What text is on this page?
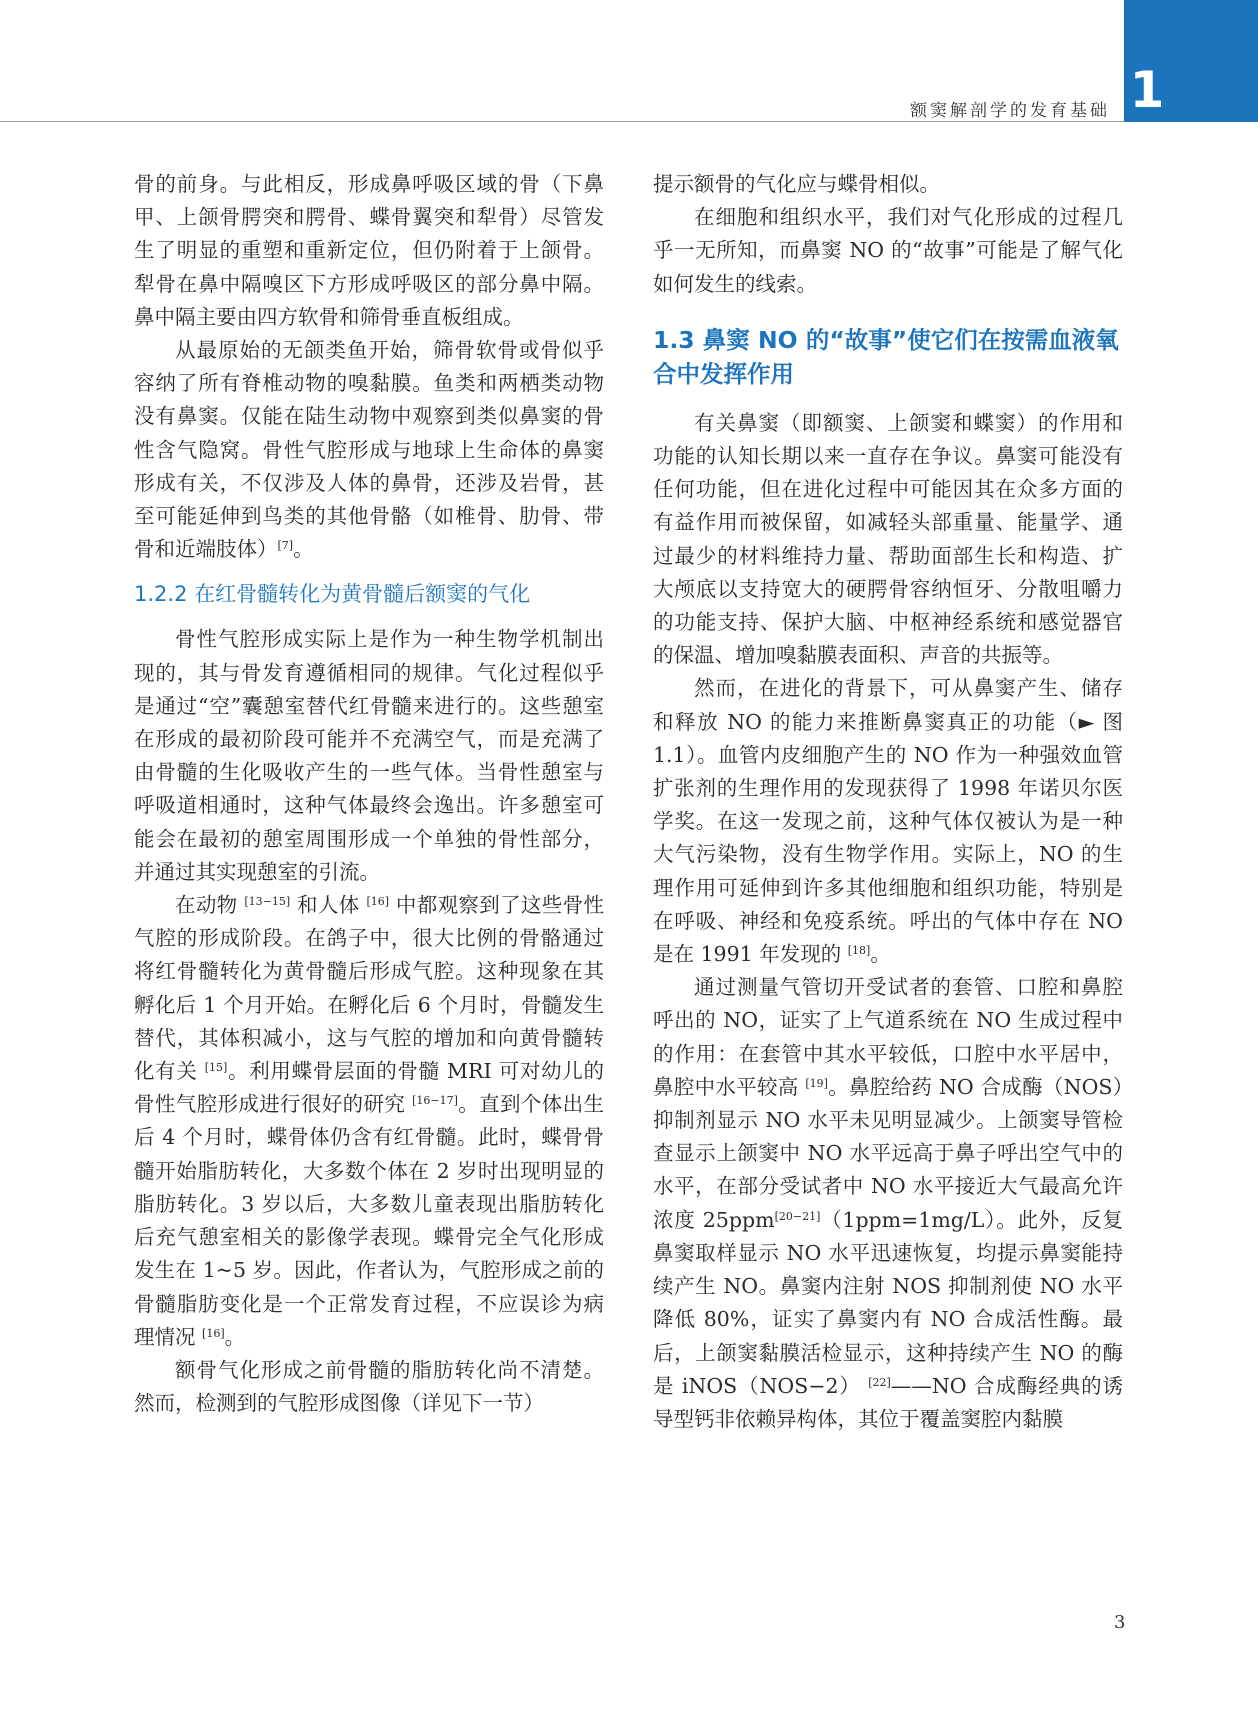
额窦解剖学的发育基础 1

骨的前身。与此相反，形成鼻呼吸区域的骨（下鼻甲、上颌骨腭突和腭骨、蝶骨翼突和犁骨）尽管发生了明显的重塑和重新定位，但仍附着于上颌骨。犁骨在鼻中隔嗅区下方形成呼吸区的部分鼻中隔。鼻中隔主要由四方软骨和筛骨垂直板组成。

从最原始的无颌类鱼开始，筛骨软骨或骨似乎容纳了所有脊椎动物的嗅黏膜。鱼类和两栖类动物没有鼻窦。仅能在陆生动物中观察到类似鼻窦的骨性含气隐窝。骨性气腔形成与地球上生命体的鼻窦形成有关，不仅涉及人体的鼻骨，还涉及岩骨，甚至可能延伸到鸟类的其他骨骼（如椎骨、肋骨、带骨和近端肢体）[7]。

1.2.2 在红骨髓转化为黄骨髓后额窦的气化

骨性气腔形成实际上是作为一种生物学机制出现的，其与骨发育遵循相同的规律。气化过程似乎是通过“空”囊憩室替代红骨髓来进行的。这些憩室在形成的最初阶段可能并不充满空气，而是充满了由骨髓的生化吸收产生的一些气体。当骨性憩室与呼吸道相通时，这种气体最终会逸出。许多憩室可能会在最初的憩室周围形成一个单独的骨性部分，并通过其实现憩室的引流。

在动物 [13−15] 和人体 [16] 中都观察到了这些骨性气腔的形成阶段。在鸽子中，很大比例的骨骼通过将红骨髓转化为黄骨髓后形成气腔。这种现象在其孵化后 1 个月开始。在孵化后 6 个月时，骨髓发生替代，其体积减小，这与气腔的增加和向黄骨髓转化有关 [15]。利用蝶骨层面的骨髓 MRI 可对幼儿的骨性气腔形成进行很好的研究 [16−17]。直到个体出生后 4 个月时，蝶骨体仍含有红骨髓。此时，蝶骨骨髓开始脂肪转化，大多数个体在 2 岁时出现明显的脂肪转化。3 岁以后，大多数儿童表现出脂肪转化后充气憩室相关的影像学表现。蝶骨完全气化形成发生在 1~5 岁。因此，作者认为，气腔形成之前的骨髓脂肪变化是一个正常发育过程，不应误诊为病理情况 [16]。

额骨气化形成之前骨髓的脂肪转化尚不清楚。然而，检测到的气腔形成图像（详见下一节）

提示额骨的气化应与蝶骨相似。

在细胞和组织水平，我们对气化形成的过程几乎一无所知，而鼻窦 NO 的“故事”可能是了解气化如何发生的线索。

1.3 鼻窦 NO 的“故事”使它们在按需血液氧合中发挥作用

有关鼻窦（即额窦、上颌窦和蝶窦）的作用和功能的认知长期以来一直存在争议。鼻窦可能没有任何功能，但在进化过程中可能因其在众多方面的有益作用而被保留，如减轻头部重量、能量学、通过最少的材料维持力量、帮助面部生长和构造、扩大颅底以支持宽大的硬腭骨容纳恒牙、分散咀嚼力的功能支持、保护大脑、中枢神经系统和感觉器官的保温、增加嗅黏膜表面积、声音的共振等。

然而，在进化的背景下，可从鼻窦产生、储存和释放 NO 的能力来推断鼻窦真正的功能（► 图 1.1）。血管内皮细胞产生的 NO 作为一种强效血管扩张剂的生理作用的发现获得了 1998 年诺贝尔医学奖。在这一发现之前，这种气体仅被认为是一种大气污染物，没有生物学作用。实际上，NO 的生理作用可延伸到许多其他细胞和组织功能，特别是在呼吸、神经和免疫系统。呼出的气体中存在 NO 是在 1991 年发现的 [18]。

通过测量气管切开受试者的套管、口腔和鼻腔呼出的 NO，证实了上气道系统在 NO 生成过程中的作用：在套管中其水平较低，口腔中水平居中，鼻腔中水平较高 [19]。鼻腔给药 NO 合成酶（NOS）抑制剂显示 NO 水平未见明显减少。上颌窦导管检查显示上颌窦中 NO 水平远高于鼻子呼出空气中的水平，在部分受试者中 NO 水平接近大气最高允许浓度 25ppm[20−21]（1ppm=1mg/L）。此外，反复鼻窦取样显示 NO 水平迅速恢复，均提示鼻窦能持续产生 NO。鼻窦内注射 NOS 抑制剂使 NO 水平降低 80%，证实了鼻窦内有 NO 合成活性酶。最后，上颌窦黏膜活检显示，这种持续产生 NO 的酶是 iNOS（NOS−2） [22]——NO 合成酶经典的诱导型钙非依赖异构体，其位于覆盖窦腔内黏膜

3
